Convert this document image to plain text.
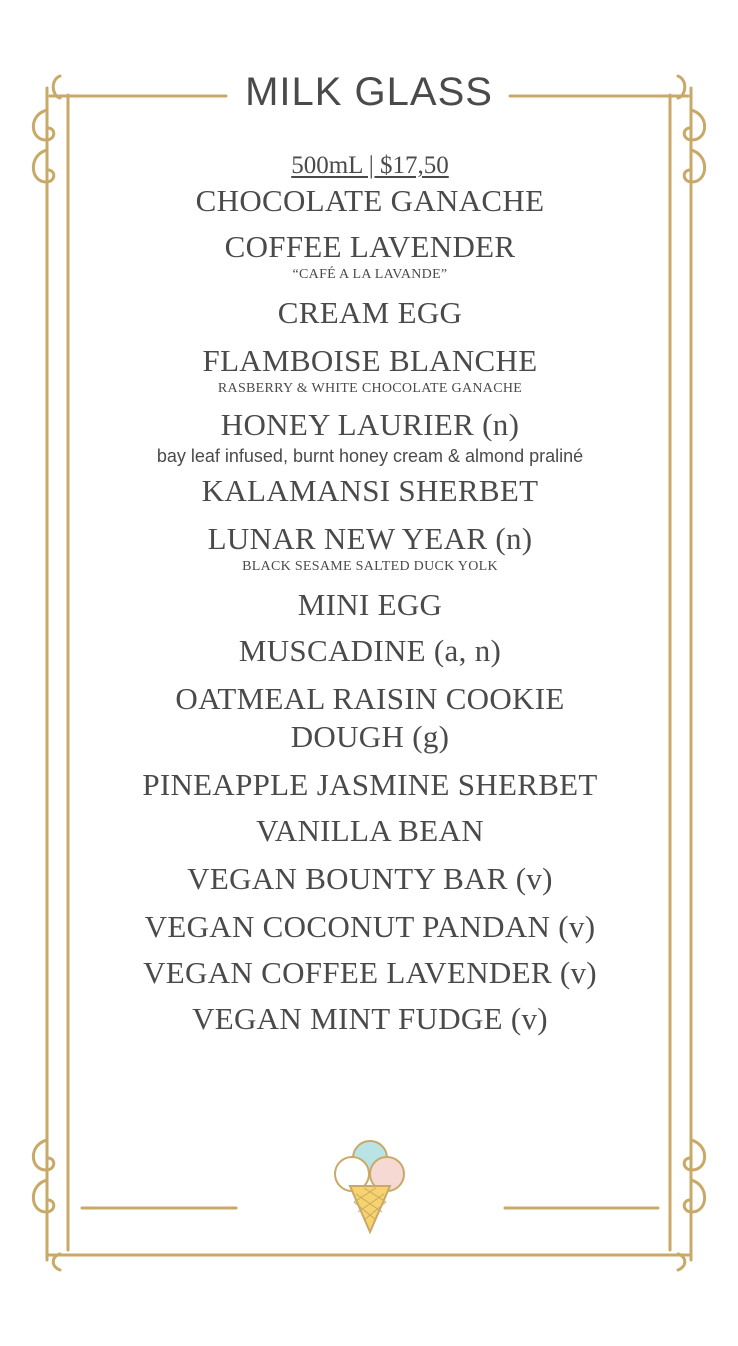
MILK GLASS
500mL | $17,50
CHOCOLATE GANACHE
COFFEE LAVENDER
“CAFÉ A LA LAVANDE”
CREAM EGG
FLAMBOISE BLANCHE
RASBERRY & WHITE CHOCOLATE GANACHE
HONEY LAURIER (n)
bay leaf infused, burnt honey cream & almond praliné
KALAMANSI SHERBET
LUNAR NEW YEAR (n)
BLACK SESAME SALTED DUCK YOLK
MINI EGG
MUSCADINE (a, n)
OATMEAL RAISIN COOKIE
DOUGH (g)
PINEAPPLE JASMINE SHERBET
VANILLA BEAN
VEGAN BOUNTY BAR (v)
VEGAN COCONUT PANDAN (v)
VEGAN COFFEE LAVENDER (v)
VEGAN MINT FUDGE (v)
